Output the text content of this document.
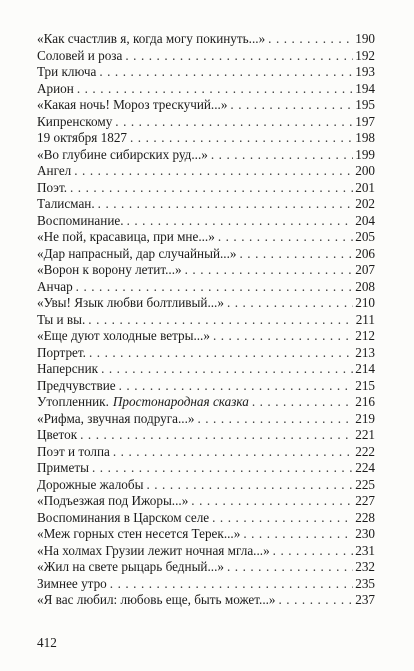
«Как счастлив я, когда могу покинуть...» . . .	190
Соловей и роза . . .	192
Три ключа . . .	193
Арион . . .	194
«Какая ночь! Мороз трескучий...» . . .	195
Кипренскому . . .	197
19 октября 1827 . . .	198
«Во глубине сибирских руд...» . . .	199
Ангел . . .	200
Поэт. . . .	201
Талисман. . . .	202
Воспоминание. . . .	204
«Не пой, красавица, при мне...» . . .	205
«Дар напрасный, дар случайный...» . . .	206
«Ворон к ворону летит...» . . .	207
Анчар . . .	208
«Увы! Язык любви болтливый...» . . .	210
Ты и вы. . . .	211
«Еще дуют холодные ветры...» . . .	212
Портрет. . . .	213
Наперсник . . .	214
Предчувствие . . .	215
Утопленник. Простонародная сказка . . .	216
«Рифма, звучная подруга...» . . .	219
Цветок . . .	221
Поэт и толпа . . .	222
Приметы . . .	224
Дорожные жалобы . . .	225
«Подъезжая под Ижоры...» . . .	227
Воспоминания в Царском селе . . .	228
«Меж горных стен несется Терек...» . . .	230
«На холмах Грузии лежит ночная мгла...» . . .	231
«Жил на свете рыцарь бедный...» . . .	232
Зимнее утро . . .	235
«Я вас любил: любовь еще, быть может...» . . .	237
412
